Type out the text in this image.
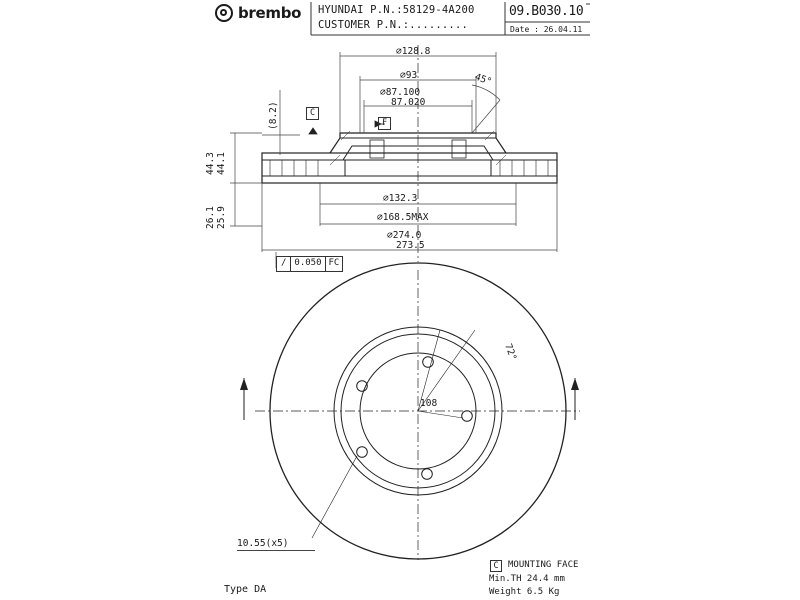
brembo HYUNDAI P.N.:58129-4A200
CUSTOMER P.N.:.........
09.B030.10
Date : 26.04.11
∅128.8
∅93
∅87.100
87.020
45°
(8.2)
44.3 44.1
26.1 25.9
∅132.3
∅168.5MAX
∅274.0
273.5
72°
108
C
F
/ 0.050 FC
10.55(x5)
Type DA
C	MOUNTING FACE
Min.TH 24.4 mm
Weight 6.5 Kg
